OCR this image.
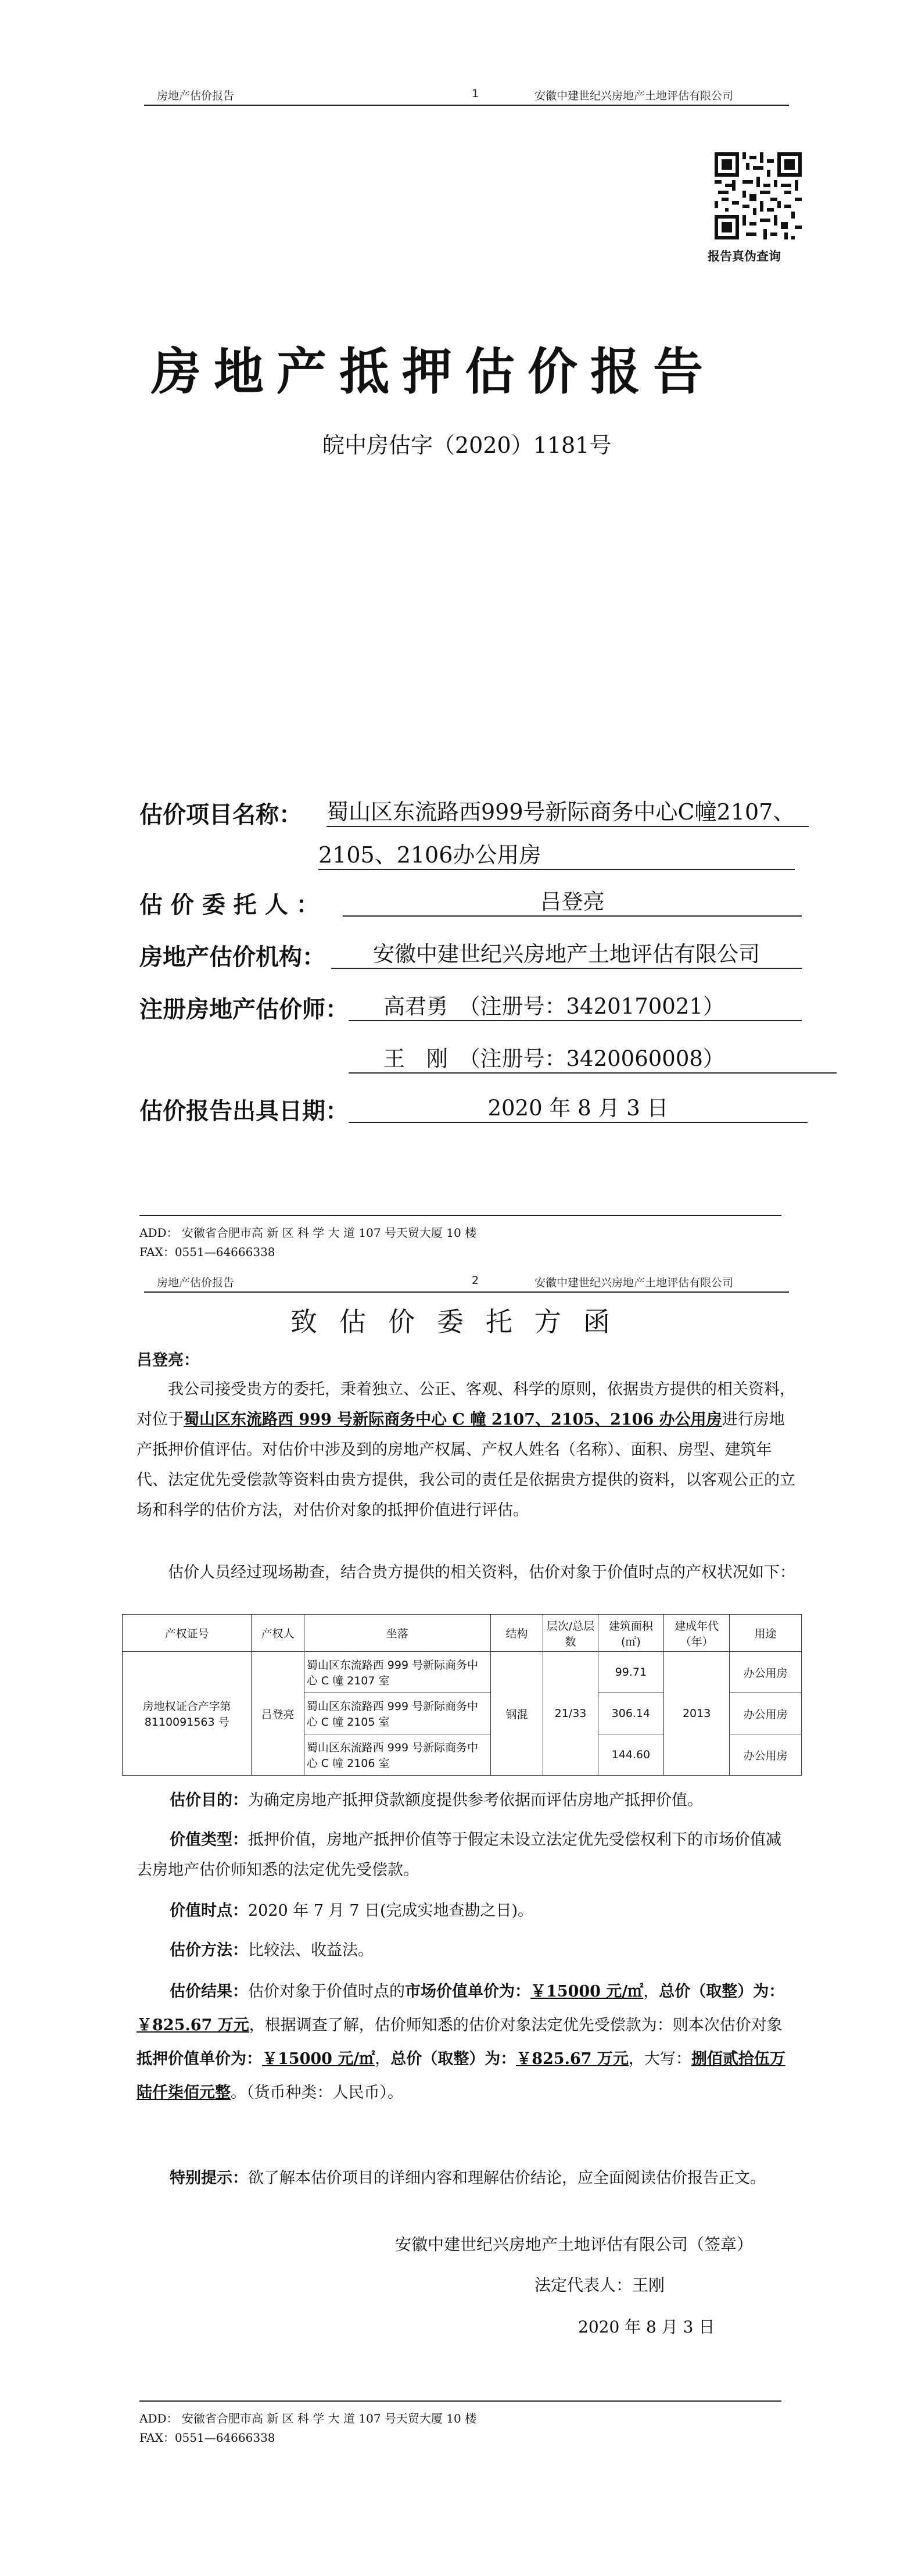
房地产估价报告	1	安徽中建世纪兴房地产土地评估有限公司
报告真伪查询
房地产抵押估价报告
皖中房估字（2020）1181号
估价项目名称： 蜀山区东流路西999号新际商务中心C幢2107、
2105、2106办公用房
估 价 委 托 人 ：	吕登亮
房地产估价机构：	安徽中建世纪兴房地产土地评估有限公司
注册房地产估价师：	高君勇　（注册号：3420170021）
王　刚　（注册号：3420060008）
估价报告出具日期：	2020 年 8 月 3 日
ADD： 安徽省合肥市高 新 区 科 学 大 道 107 号天贸大厦 10 楼
FAX：0551—64666338
房地产估价报告	2	安徽中建世纪兴房地产土地评估有限公司
致估价委托方函
吕登亮：
我公司接受贵方的委托，秉着独立、公正、客观、科学的原则，依据贵方提供的相关资料，对位于蜀山区东流路西 999 号新际商务中心 C 幢 2107、2105、2106 办公用房进行房地产抵押价值评估。对估价中涉及到的房地产权属、产权人姓名（名称）、面积、房型、建筑年代、法定优先受偿款等资料由贵方提供，我公司的责任是依据贵方提供的资料，以客观公正的立场和科学的估价方法，对估价对象的抵押价值进行评估。
估价人员经过现场勘查，结合贵方提供的相关资料，估价对象于价值时点的产权状况如下：
产权证号	产权人	坐落	结构	层次/总层数	建筑面积(㎡)	建成年代（年）	用途
房地权证合产字第 8110091563 号	吕登亮	蜀山区东流路西 999 号新际商务中心 C 幢 2107 室	钢混	21/33	99.71	2013	办公用房
		蜀山区东流路西 999 号新际商务中心 C 幢 2105 室			306.14		办公用房
		蜀山区东流路西 999 号新际商务中心 C 幢 2106 室			144.60		办公用房
估价目的：为确定房地产抵押贷款额度提供参考依据而评估房地产抵押价值。
价值类型：抵押价值，房地产抵押价值等于假定未设立法定优先受偿权利下的市场价值减去房地产估价师知悉的法定优先受偿款。
价值时点：2020 年 7 月 7 日(完成实地查勘之日)。
估价方法：比较法、收益法。
估价结果：估价对象于价值时点的市场价值单价为：￥15000 元/㎡，总价（取整）为：￥825.67 万元，根据调查了解，估价师知悉的估价对象法定优先受偿款为：则本次估价对象抵押价值单价为：￥15000 元/㎡，总价（取整）为：￥825.67 万元，大写：捌佰贰拾伍万陆仟柒佰元整。（货币种类：人民币）。
特别提示：欲了解本估价项目的详细内容和理解估价结论，应全面阅读估价报告正文。
安徽中建世纪兴房地产土地评估有限公司（签章）
法定代表人：王刚
2020 年 8 月 3 日
ADD： 安徽省合肥市高 新 区 科 学 大 道 107 号天贸大厦 10 楼
FAX：0551—64666338
